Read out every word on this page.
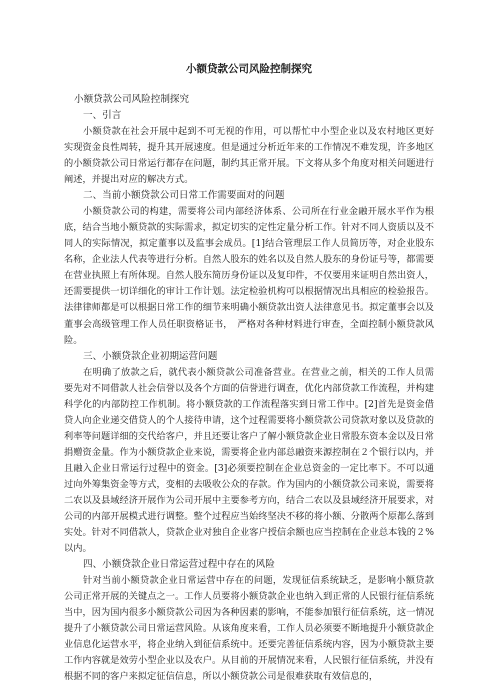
小额贷款公司风险控制探究

小额贷款公司风险控制探究

一、引言

小额贷款在社会开展中起到不可无视的作用，可以帮忙中小型企业以及农村地区更好实现资金良性周转，提升其开展速度。但是通过分析近年来的工作情况不难发现，许多地区的小额贷款公司日常运行都存在问题，制约其正常开展。下文将从多个角度对相关问题进行阐述，并提出对应的解决方式。

二、当前小额贷款公司日常工作需要面对的问题

小额贷款公司的构建，需要将公司内部经济体系、公司所在行业金融开展水平作为根底，结合当地小额贷款的实际需求，拟定切实的定性定量分析工作。针对不同人资质以及不同人的实际情况，拟定董事以及监事会成员。[1]结合管理层工作人员简历等，对企业股东名称，企业法人代表等进行分析。自然人股东的姓名以及自然人股东的身份证号等，都需要在营业执照上有所体现。自然人股东简历身份证以及复印件，不仅要用来证明自然出资人，还需要提供一切详细化的审计工作计划。法定检验机构可以根据情况出具相应的检验报告。法律律师都是可以根据日常工作的细节来明确小额贷款出资人法律意见书。拟定董事会以及董事会高级管理工作人员任职资格证书，　严格对各种材料进行审查，全面控制小额贷款风险。

三、小额贷款企业初期运营问题

在明确了放款之后，就代表小额贷款公司准备营业。在营业之前，相关的工作人员需要先对不同借款人社会信誉以及各个方面的信誉进行调查，优化内部贷款工作流程，并构建科学化的内部防控工作机制。将小额贷款的工作流程落实到日常工作中。[2]首先是资金借贷人向企业递交借贷人的个人接待申请，这个过程需要将小额贷款公司贷款对象以及贷款的利率等问题详细的交代给客户，并且还要让客户了解小额贷款企业日常股东资本金以及日常捐赠资金量。作为小额贷款企业来说，需要将企业内部总融资来源控制在２个银行以内，并且融入企业日常运行过程中的资金。[3]必须要控制在企业总资金的一定比率下。不可以通过向外筹集资金等方式，变相的去吸收公众的存款。作为国内的小额贷款公司来说，需要将二农以及县域经济开展作为公司开展中主要参考方向，结合二农以及县域经济开展要求，对公司的内部开展模式进行调整。整个过程应当始终坚决不移的将小额、分散两个原都么落到实处。针对不同借款人，贷款企业对独自企业客户授信余额也应当控制在企业总本钱的２%以内。

四、小额贷款企业日常运营过程中存在的风险

针对当前小额贷款企业日常运营中存在的问题，发现征信系统缺乏，是影响小额贷款公司正常开展的关键点之一。工作人员要将小额贷款企业也纳入到正常的人民银行征信系统当中，因为国内很多小额贷款公司因为各种因素的影响，不能参加银行征信系统，这一情况提升了小额贷款公司日常运营风险。从该角度来看，工作人员必须要不断地提升小额贷款企业信息化运营水平，将企业纳入到征信系统中。还要完善征信系统内容，因为小额贷款主要工作内容就是效劳小型企业以及农户。从目前的开展情况来看，人民银行征信系统，并没有根据不同的客户来拟定征信信息，所以小额贷款公司是很难获取有效信息的，
